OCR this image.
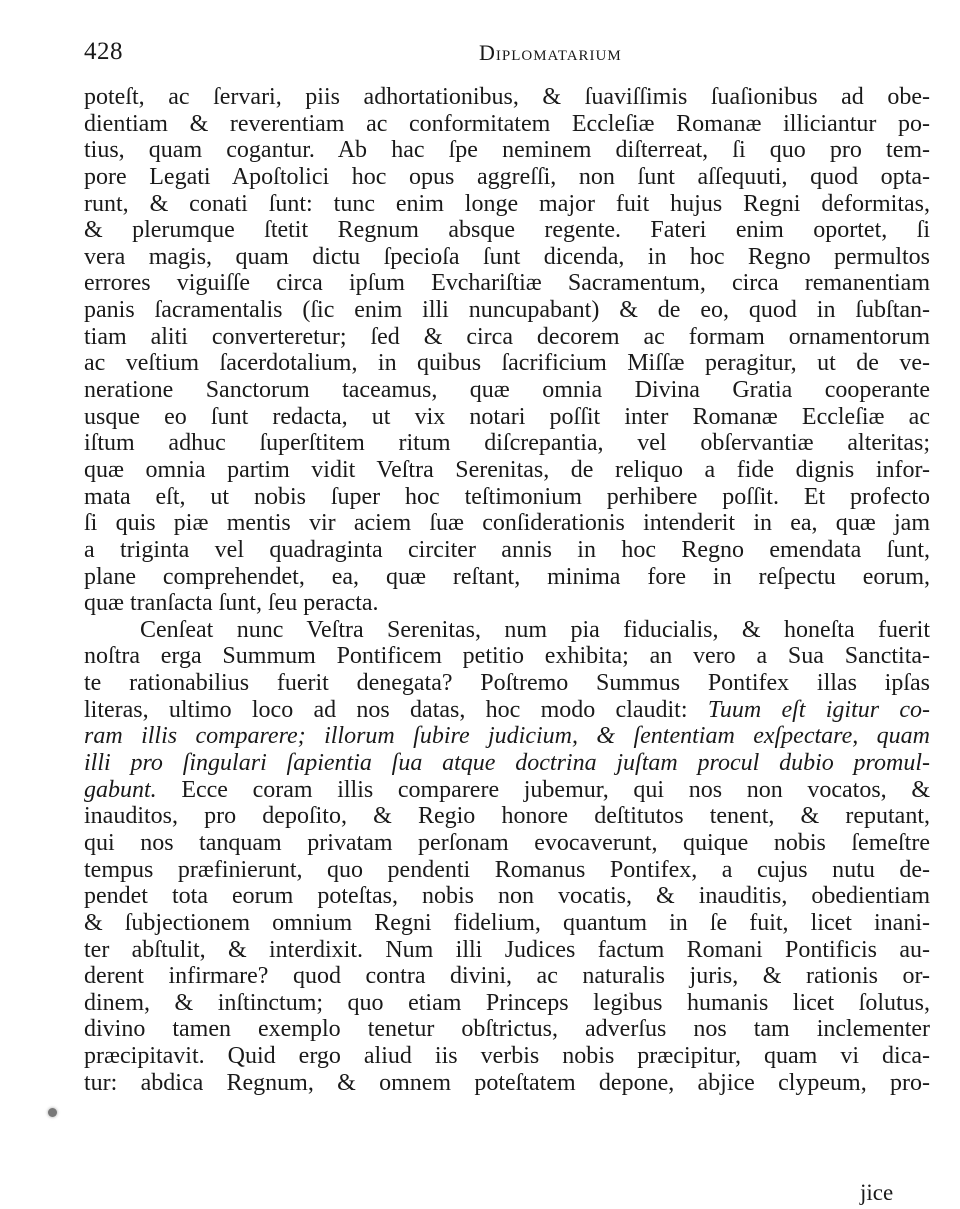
428	Diplomatarium
poteſt, ac ſervari, piis adhortationibus, & ſuaviſſimis ſuaſionibus ad obe-
dientiam & reverentiam ac conformitatem Eccleſiæ Romanæ illiciantur po-
tius, quam cogantur. Ab hac ſpe neminem diſterreat, ſi quo pro tem-
pore Legati Apoſtolici hoc opus aggreſſi, non ſunt aſſequuti, quod opta-
runt, & conati ſunt: tunc enim longe major fuit hujus Regni deformitas,
& plerumque ſtetit Regnum absque regente. Fateri enim oportet, ſi
vera magis, quam dictu ſpecioſa ſunt dicenda, in hoc Regno permultos
errores viguiſſe circa ipſum Evchariſtiæ Sacramentum, circa remanentiam
panis ſacramentalis (ſic enim illi nuncupabant) & de eo, quod in ſubſtan-
tiam aliti converteretur; ſed & circa decorem ac formam ornamentorum
ac veſtium ſacerdotalium, in quibus ſacrificium Miſſæ peragitur, ut de ve-
neratione Sanctorum taceamus, quæ omnia Divina Gratia cooperante
usque eo ſunt redacta, ut vix notari poſſit inter Romanæ Eccleſiæ ac
iſtum adhuc ſuperſtitem ritum diſcrepantia, vel obſervantiæ alteritas;
quæ omnia partim vidit Veſtra Serenitas, de reliquo a fide dignis infor-
mata eſt, ut nobis ſuper hoc teſtimonium perhibere poſſit. Et profecto
ſi quis piæ mentis vir aciem ſuæ conſiderationis intenderit in ea, quæ jam
a triginta vel quadraginta circiter annis in hoc Regno emendata ſunt,
plane comprehendet, ea, quæ reſtant, minima fore in reſpectu eorum,
quæ tranſacta ſunt, ſeu peracta.
Cenſeat nunc Veſtra Serenitas, num pia fiducialis, & honeſta fuerit
noſtra erga Summum Pontificem petitio exhibita; an vero a Sua Sanctita-
te rationabilius fuerit denegata? Poſtremo Summus Pontifex illas ipſas
literas, ultimo loco ad nos datas, hoc modo claudit: Tuum eſt igitur co-
ram illis comparere; illorum ſubire judicium, & ſententiam exſpectare, quam
illi pro ſingulari ſapientia ſua atque doctrina juſtam procul dubio promul-
gabunt. Ecce coram illis comparere jubemur, qui nos non vocatos, &
inauditos, pro depoſito, & Regio honore deſtitutos tenent, & reputant,
qui nos tanquam privatam perſonam evocaverunt, quique nobis ſemeſtre
tempus præfinierunt, quo pendenti Romanus Pontifex, a cujus nutu de-
pendet tota eorum poteſtas, nobis non vocatis, & inauditis, obedientiam
& ſubjectionem omnium Regni fidelium, quantum in ſe fuit, licet inani-
ter abſtulit, & interdixit. Num illi Judices factum Romani Pontificis au-
derent infirmare? quod contra divini, ac naturalis juris, & rationis or-
dinem, & inſtinctum; quo etiam Princeps legibus humanis licet ſolutus,
divino tamen exemplo tenetur obſtrictus, adverſus nos tam inclementer
præcipitavit. Quid ergo aliud iis verbis nobis præcipitur, quam vi dica-
tur: abdica Regnum, & omnem poteſtatem depone, abjice clypeum, pro-
jice
